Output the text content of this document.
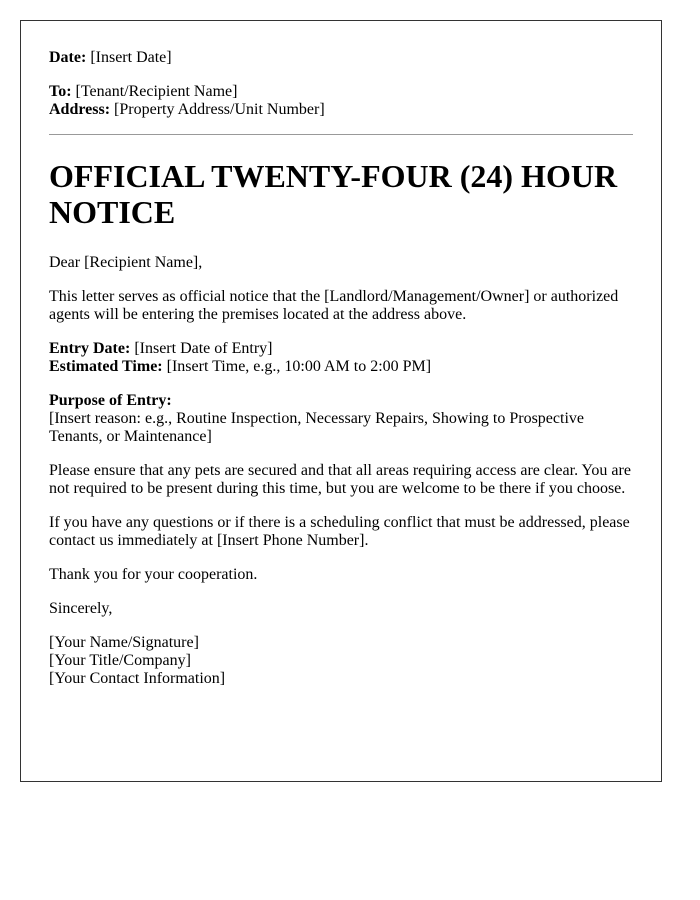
Date: [Insert Date]

To: [Tenant/Recipient Name]
Address: [Property Address/Unit Number]

OFFICIAL TWENTY-FOUR (24) HOUR NOTICE

Dear [Recipient Name],

This letter serves as official notice that the [Landlord/Management/Owner] or authorized agents will be entering the premises located at the address above.

Entry Date: [Insert Date of Entry]
Estimated Time: [Insert Time, e.g., 10:00 AM to 2:00 PM]

Purpose of Entry:
[Insert reason: e.g., Routine Inspection, Necessary Repairs, Showing to Prospective Tenants, or Maintenance]

Please ensure that any pets are secured and that all areas requiring access are clear. You are not required to be present during this time, but you are welcome to be there if you choose.

If you have any questions or if there is a scheduling conflict that must be addressed, please contact us immediately at [Insert Phone Number].

Thank you for your cooperation.

Sincerely,

[Your Name/Signature]
[Your Title/Company]
[Your Contact Information]
